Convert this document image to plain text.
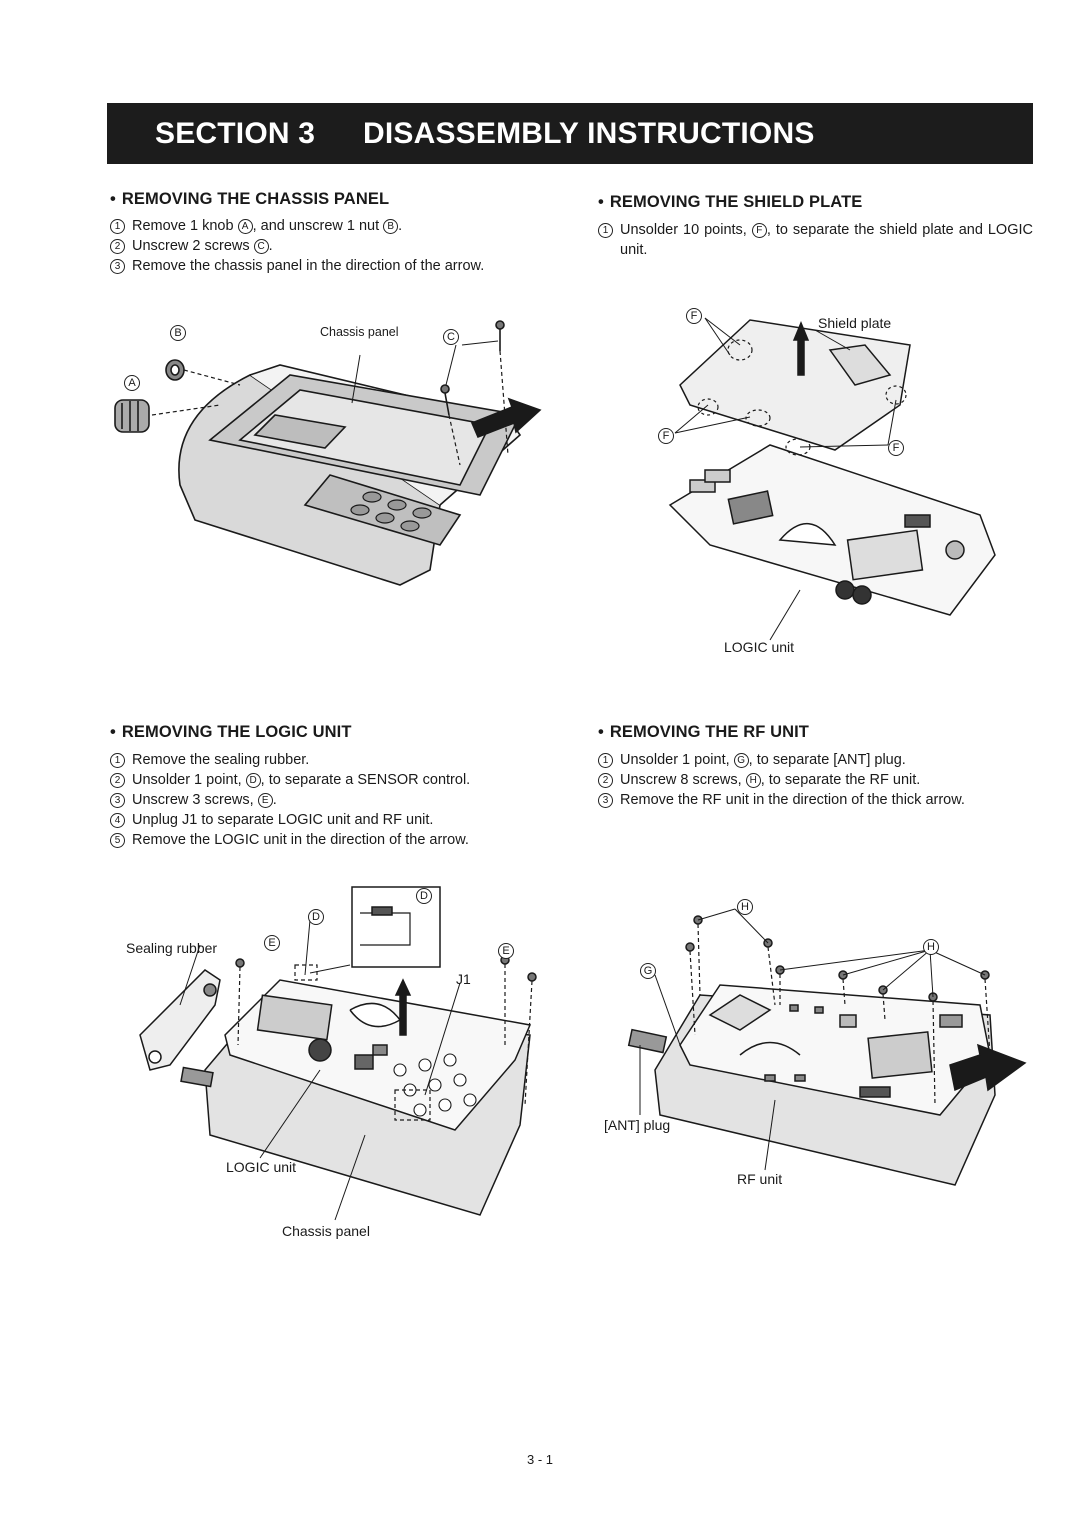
SECTION 3 DISASSEMBLY INSTRUCTIONS
• REMOVING THE CHASSIS PANEL
1 Remove 1 knob A , and unscrew 1 nut B .
2 Unscrew 2 screws C .
3 Remove the chassis panel in the direction of the arrow.
Chassis panel
B
A
C
• REMOVING THE SHIELD PLATE
1 Unsolder 10 points, F , to separate the shield plate and LOGIC unit.
F
F
F
Shield plate
LOGIC unit
• REMOVING THE LOGIC UNIT
1 Remove the sealing rubber.
2 Unsolder 1 point, D , to separate a SENSOR control.
3 Unscrew 3 screws, E .
4 Unplug J1 to separate LOGIC unit and RF unit.
5 Remove the LOGIC unit in the direction of the arrow.
D
D
E
E
Sealing rubber
J1
LOGIC unit
Chassis panel
• REMOVING THE RF UNIT
1 Unsolder 1 point, G , to separate [ANT] plug.
2 Unscrew 8 screws, H , to separate the RF unit.
3 Remove the RF unit in the direction of the thick arrow.
H
H
G
[ANT] plug
RF unit
3 - 1
